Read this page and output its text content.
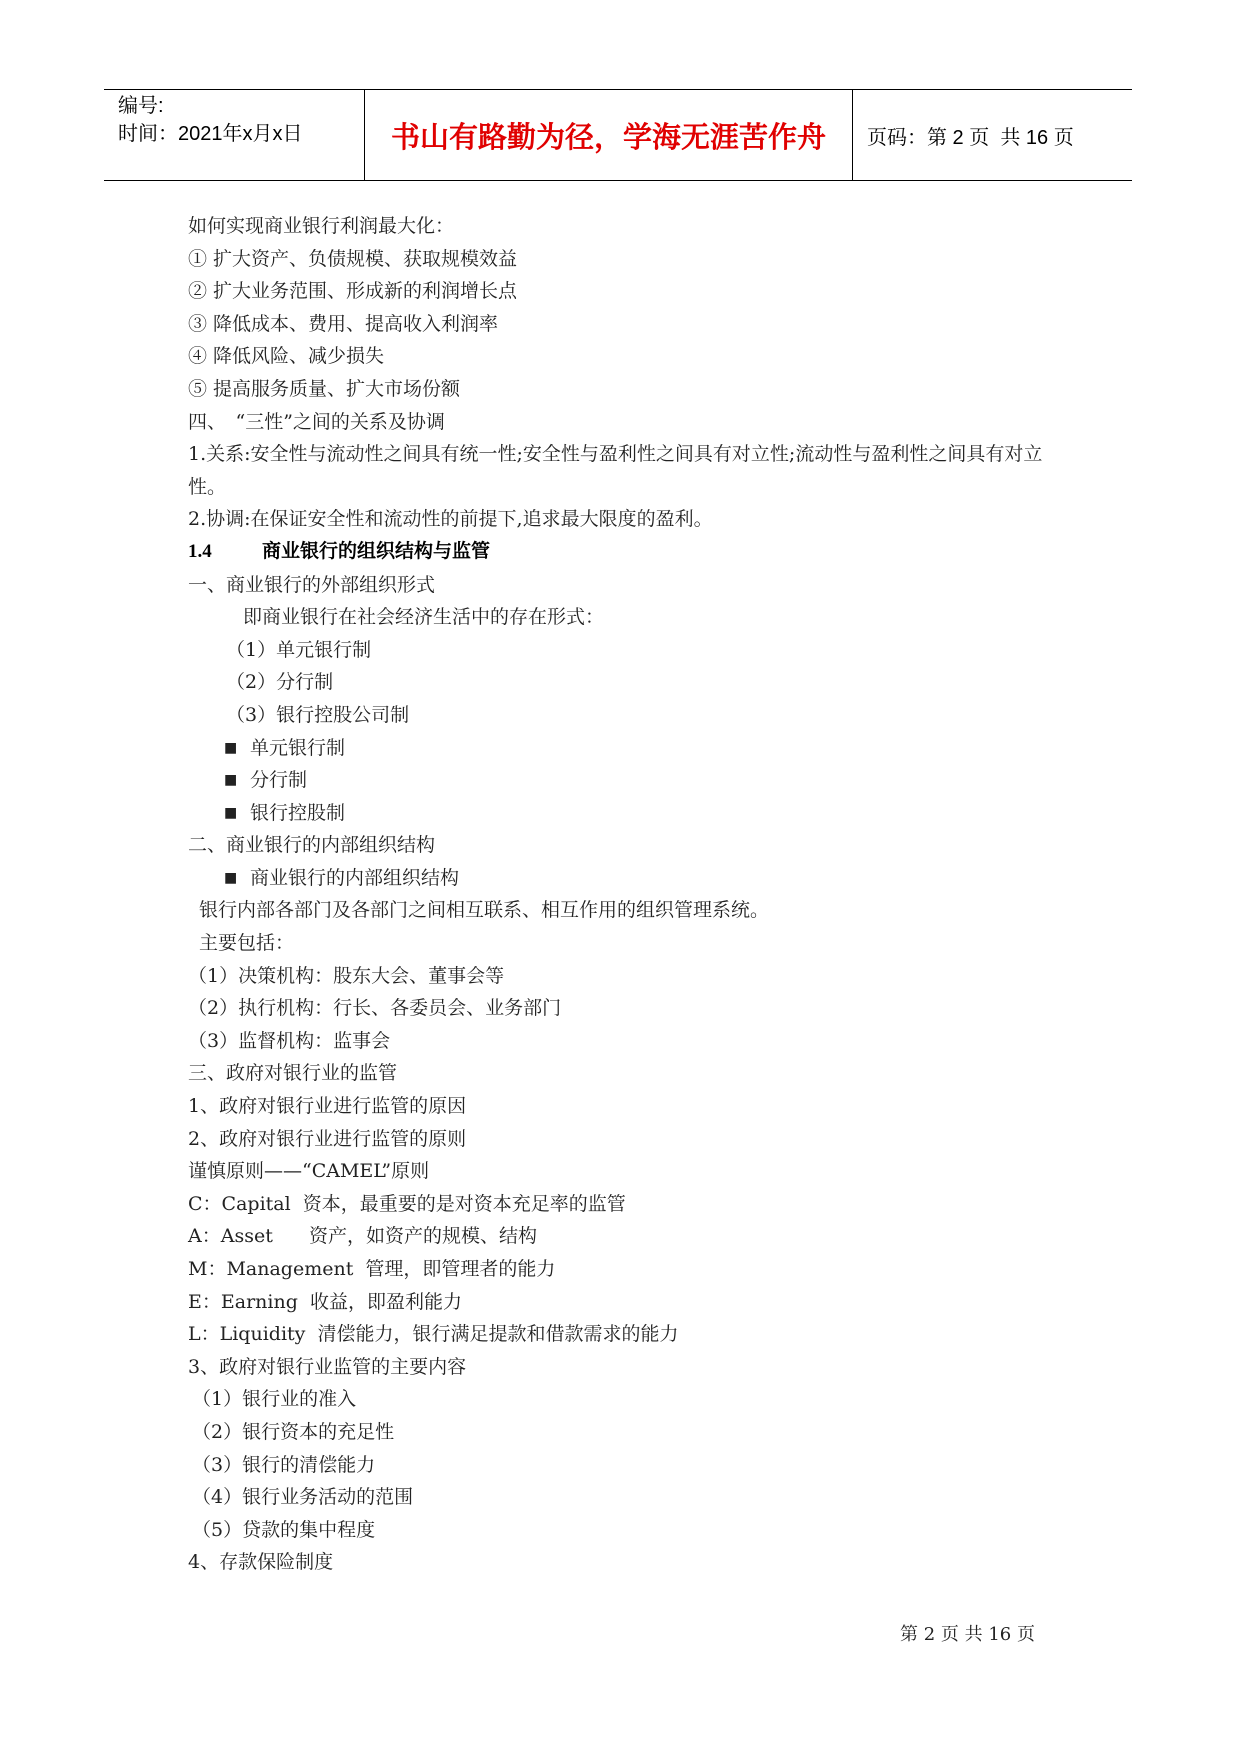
编号:
时间：2021年x月x日	书山有路勤为径，学海无涯苦作舟 页码：第 2 页  共 16 页
如何实现商业银行利润最大化：
① 扩大资产、负债规模、获取规模效益
② 扩大业务范围、形成新的利润增长点
③ 降低成本、费用、提高收入利润率
④ 降低风险、减少损失
⑤ 提高服务质量、扩大市场份额
四、　“三性”之间的关系及协调
1.关系:安全性与流动性之间具有统一性;安全性与盈利性之间具有对立性;流动性与盈利性之间具有对立性。
2.协调:在保证安全性和流动性的前提下,追求最大限度的盈利。
1.4	商业银行的组织结构与监管
一、商业银行的外部组织形式
即商业银行在社会经济生活中的存在形式：
（1）单元银行制
（2）分行制
（3）银行控股公司制
■ 单元银行制
■ 分行制
■ 银行控股制
二、商业银行的内部组织结构
■ 商业银行的内部组织结构
银行内部各部门及各部门之间相互联系、相互作用的组织管理系统。
主要包括：
（1）决策机构：股东大会、董事会等
（2）执行机构：行长、各委员会、业务部门
（3）监督机构：监事会
三、政府对银行业的监管
1、政府对银行业进行监管的原因
2、政府对银行业进行监管的原则
谨慎原则——“CAMEL”原则
C：Capital  资本，最重要的是对资本充足率的监管
A：Asset      资产，如资产的规模、结构
M：Management  管理，即管理者的能力
E：Earning  收益，即盈利能力
L：Liquidity  清偿能力，银行满足提款和借款需求的能力
3、政府对银行业监管的主要内容
（1）银行业的准入
（2）银行资本的充足性
（3）银行的清偿能力
（4）银行业务活动的范围
（5）贷款的集中程度
4、存款保险制度
第 2 页 共 16 页
